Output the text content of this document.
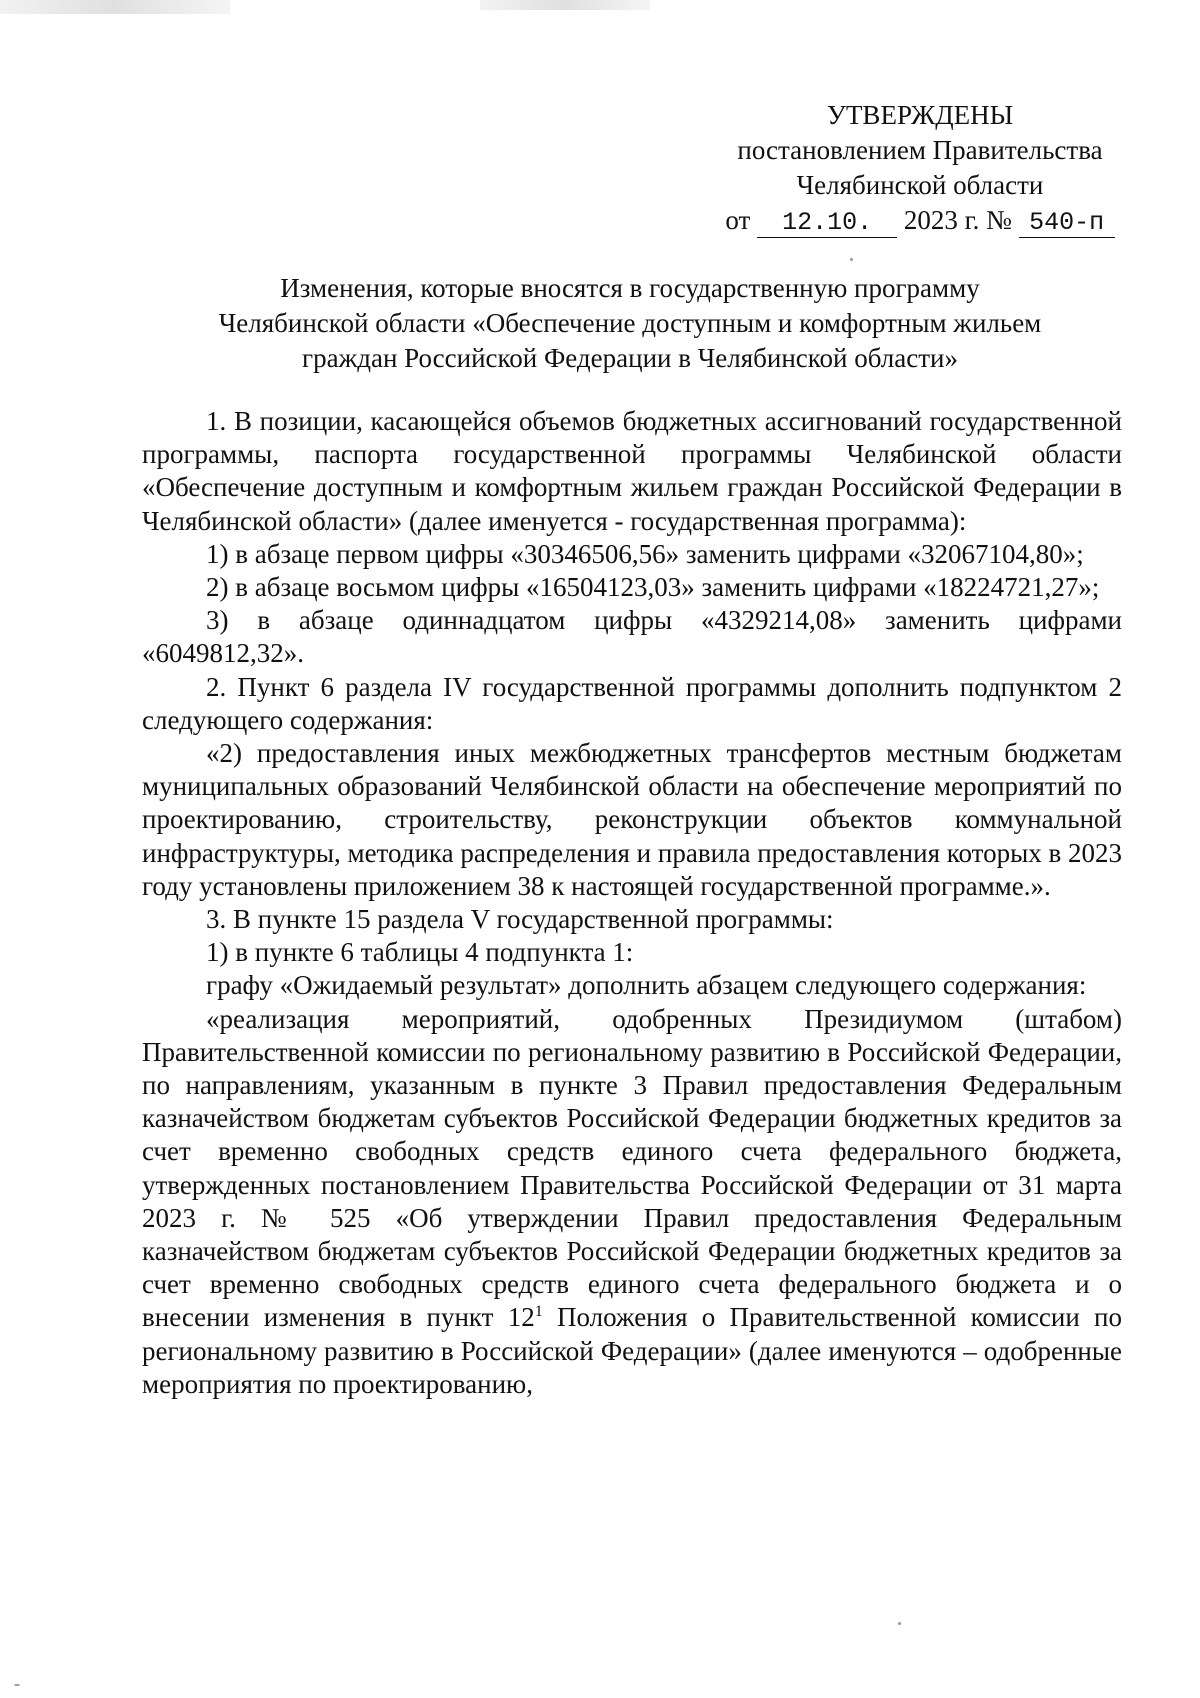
УТВЕРЖДЕНЫ
постановлением Правительства
Челябинской области
от 12.10. 2023 г. № 540-п
Изменения, которые вносятся в государственную программу
Челябинской области «Обеспечение доступным и комфортным жильем
граждан Российской Федерации в Челябинской области»

1. В позиции, касающейся объемов бюджетных ассигнований государственной программы, паспорта государственной программы Челябинской области «Обеспечение доступным и комфортным жильем граждан Российской Федерации в Челябинской области» (далее именуется - государственная программа):

1) в абзаце первом цифры «30346506,56» заменить цифрами «32067104,80»;

2) в абзаце восьмом цифры «16504123,03» заменить цифрами «18224721,27»;

3) в абзаце одиннадцатом цифры «4329214,08» заменить цифрами «6049812,32».

2. Пункт 6 раздела IV государственной программы дополнить подпунктом 2 следующего содержания:

«2) предоставления иных межбюджетных трансфертов местным бюджетам муниципальных образований Челябинской области на обеспечение мероприятий по проектированию, строительству, реконструкции объектов коммунальной инфраструктуры, методика распределения и правила предоставления которых в 2023 году установлены приложением 38 к настоящей государственной программе.».

3. В пункте 15 раздела V государственной программы:

1) в пункте 6 таблицы 4 подпункта 1:

графу «Ожидаемый результат» дополнить абзацем следующего содержания:

«реализация мероприятий, одобренных Президиумом (штабом) Правительственной комиссии по региональному развитию в Российской Федерации, по направлениям, указанным в пункте 3 Правил предоставления Федеральным казначейством бюджетам субъектов Российской Федерации бюджетных кредитов за счет временно свободных средств единого счета федерального бюджета, утвержденных постановлением Правительства Российской Федерации от 31 марта 2023 г. № 525 «Об утверждении Правил предоставления Федеральным казначейством бюджетам субъектов Российской Федерации бюджетных кредитов за счет временно свободных средств единого счета федерального бюджета и о внесении изменения в пункт $12^1$ Положения о Правительственной комиссии по региональному развитию в Российской Федерации» (далее именуются – одобренные мероприятия по проектированию,
